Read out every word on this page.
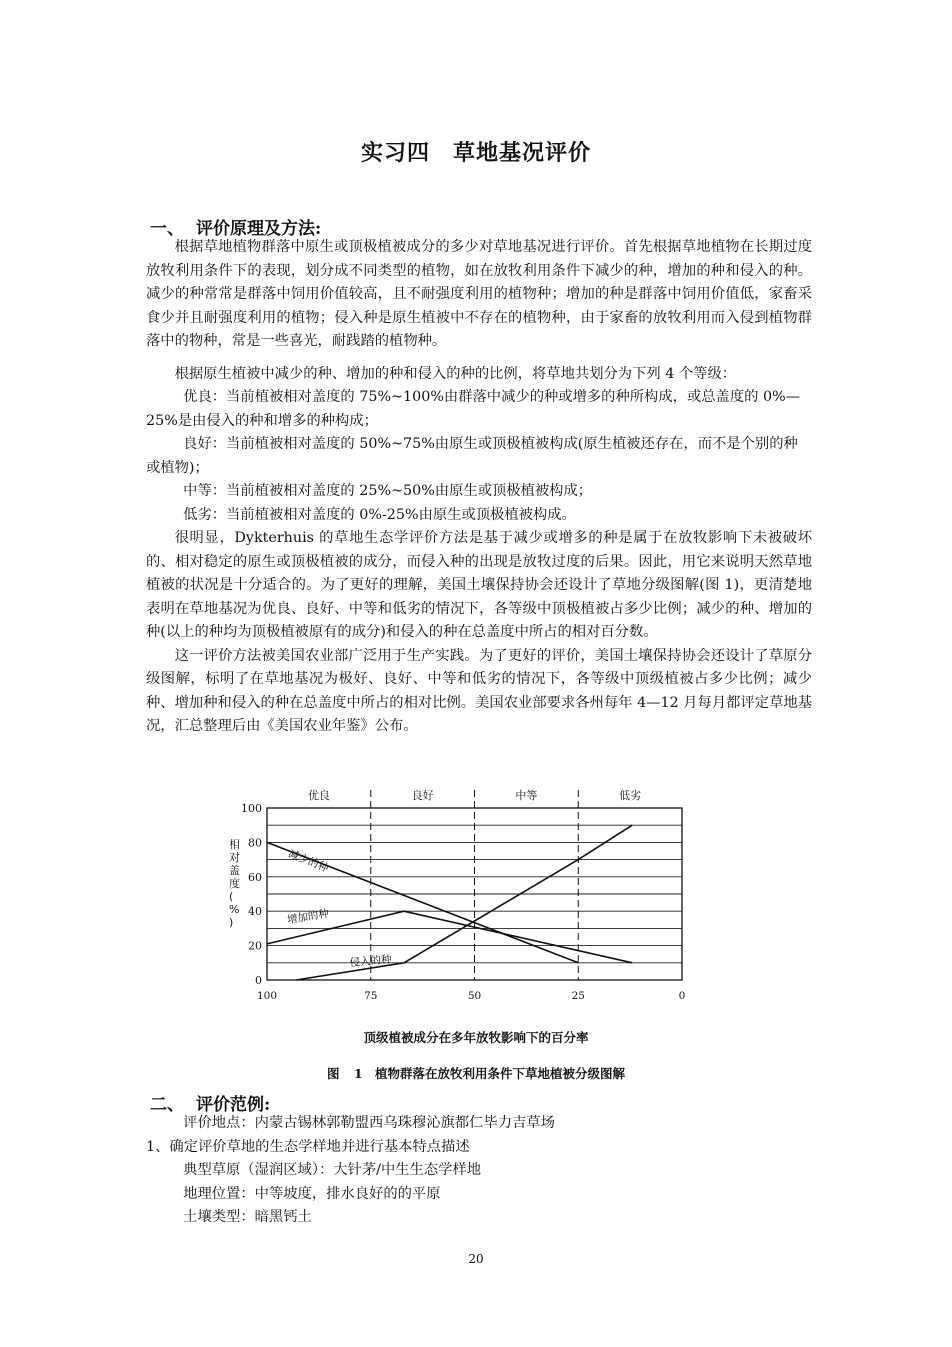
实习四　草地基况评价
一、 评价原理及方法:

根据草地植物群落中原生或顶极植被成分的多少对草地基况进行评价。首先根据草地植物在长期过度放牧利用条件下的表现，划分成不同类型的植物，如在放牧利用条件下减少的种，增加的种和侵入的种。减少的种常常是群落中饲用价值较高，且不耐强度利用的植物种；增加的种是群落中饲用价值低，家畜采食少并且耐强度利用的植物；侵入种是原生植被中不存在的植物种，由于家畜的放牧利用而入侵到植物群落中的物种，常是一些喜光，耐践踏的植物种。

根据原生植被中减少的种、增加的种和侵入的种的比例，将草地共划分为下列 4 个等级：

优良：当前植被相对盖度的 75%~100%由群落中减少的种或增多的种所构成，或总盖度的 0%—25%是由侵入的种和增多的种构成；

良好：当前植被相对盖度的 50%~75%由原生或顶极植被构成(原生植被还存在，而不是个别的种或植物)；

中等：当前植被相对盖度的 25%~50%由原生或顶极植被构成；

低劣：当前植被相对盖度的 0%-25%由原生或顶极植被构成。

很明显，Dykterhuis 的草地生态学评价方法是基于减少或增多的种是属于在放牧影响下未被破坏的、相对稳定的原生或顶极植被的成分，而侵入种的出现是放牧过度的后果。因此，用它来说明天然草地植被的状况是十分适合的。为了更好的理解，美国土壤保持协会还设计了草地分级图解(图 1)，更清楚地表明在草地基况为优良、良好、中等和低劣的情况下，各等级中顶极植被占多少比例；减少的种、增加的种(以上的种均为顶极植被原有的成分)和侵入的种在总盖度中所占的相对百分数。

这一评价方法被美国农业部广泛用于生产实践。为了更好的评价，美国土壤保持协会还设计了草原分级图解，标明了在草地基况为极好、良好、中等和低劣的情况下，各等级中顶级植被占多少比例；减少种、增加种和侵入的种在总盖度中所占的相对比例。美国农业部要求各州每年 4—12 月每月都评定草地基况，汇总整理后由《美国农业年鉴》公布。

优良	良好	中等	低劣
0
20
40
60
80
100
100	75	50	25	0
相对盖度( % )
减少的种
增加的种
侵入的种
顶级植被成分在多年放牧影响下的百分率
图 1　植物群落在放牧利用条件下草地植被分级图解
二、 评价范例:

评价地点：内蒙古锡林郭勒盟西乌珠穆沁旗都仁毕力吉草场

1、确定评价草地的生态学样地并进行基本特点描述

典型草原（湿润区域）：大针茅/中生生态学样地

地理位置：中等坡度，排水良好的的平原

土壤类型：暗黑钙土

20
